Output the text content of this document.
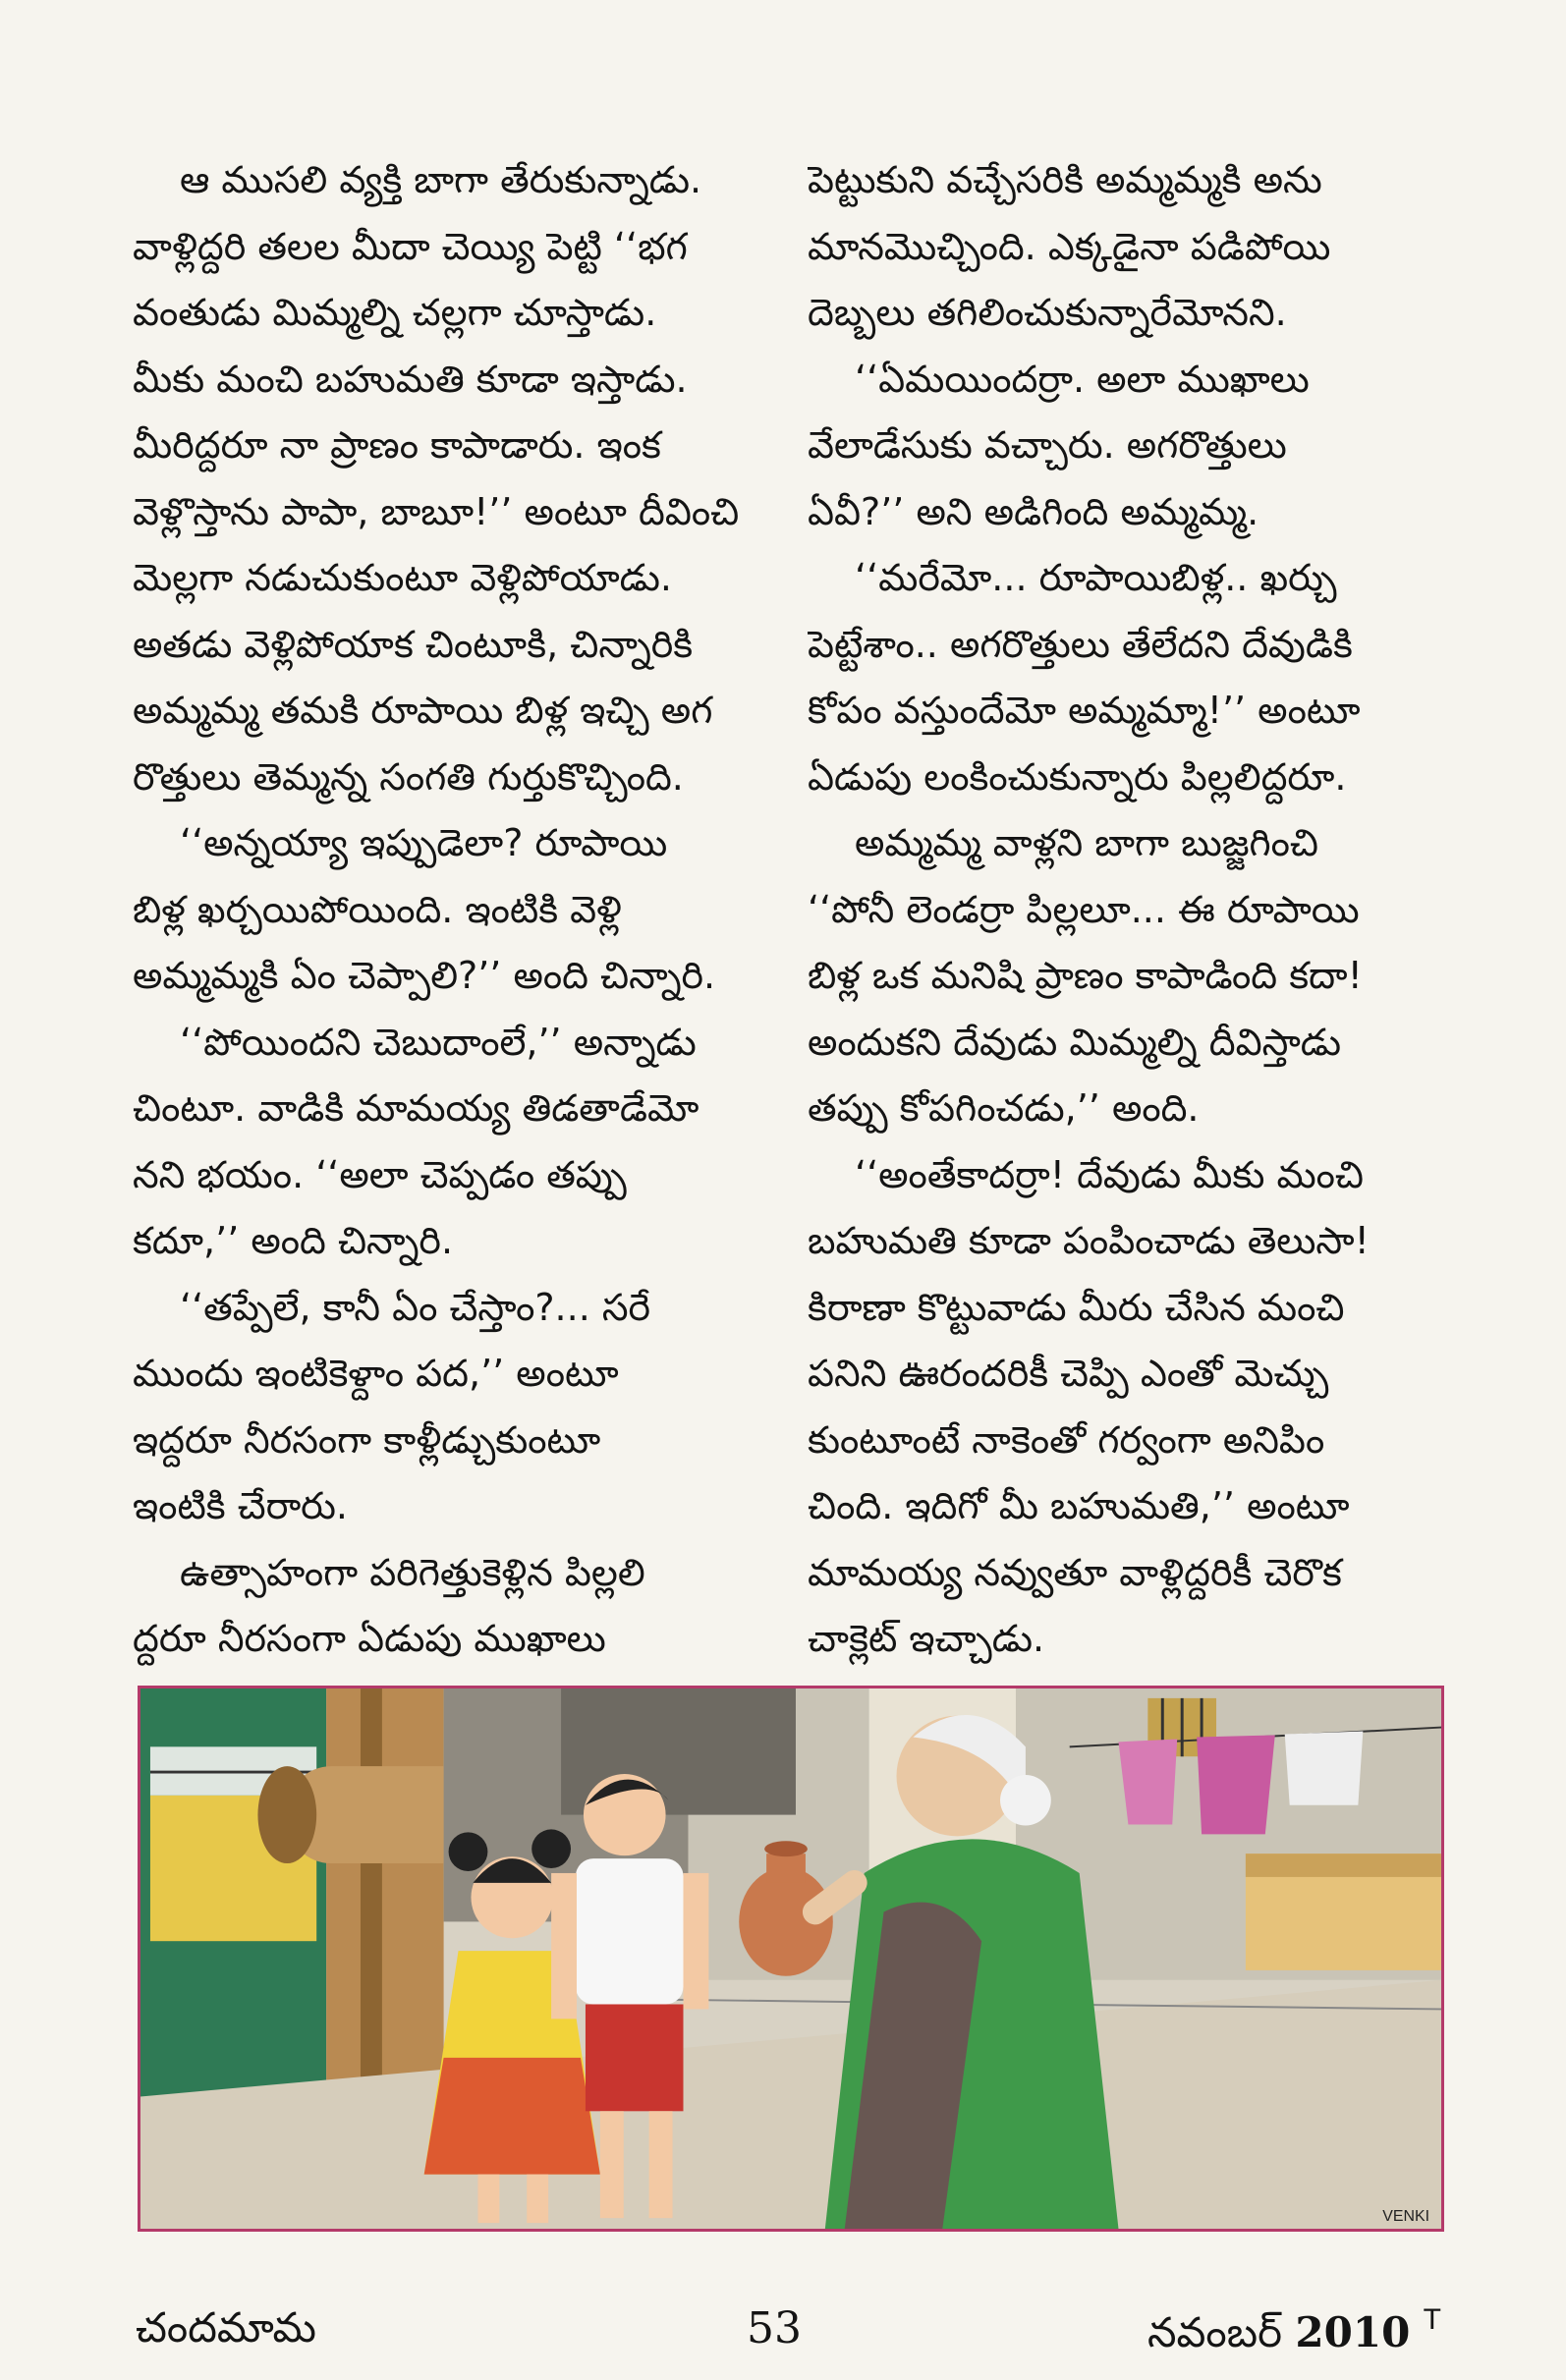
ఆ ముసలి వ్యక్తి బాగా తేరుకున్నాడు.
వాళ్లిద్దరి తలల మీదా చెయ్యి పెట్టి ‘‘భగ
వంతుడు మిమ్మల్ని చల్లగా చూస్తాడు.
మీకు మంచి బహుమతి కూడా ఇస్తాడు.
మీరిద్దరూ నా ప్రాణం కాపాడారు. ఇంక
వెళ్లొస్తాను పాపా, బాబూ!’’ అంటూ దీవించి
మెల్లగా నడుచుకుంటూ వెళ్లిపోయాడు.
అతడు వెళ్లిపోయాక చింటూకి, చిన్నారికి
అమ్మమ్మ తమకి రూపాయి బిళ్ల ఇచ్చి అగ
రొత్తులు తెమ్మన్న సంగతి గుర్తుకొచ్చింది.
‘‘అన్నయ్యా ఇప్పుడెలా? రూపాయి
బిళ్ల ఖర్చయిపోయింది. ఇంటికి వెళ్లి
అమ్మమ్మకి ఏం చెప్పాలి?’’ అంది చిన్నారి.
‘‘పోయిందని చెబుదాంలే,’’ అన్నాడు
చింటూ. వాడికి మామయ్య తిడతాడేమో
నని భయం. ‘‘అలా చెప్పడం తప్పు
కదూ,’’ అంది చిన్నారి.
‘‘తప్పేలే, కానీ ఏం చేస్తాం?... సరే
ముందు ఇంటికెళ్దాం పద,’’ అంటూ
ఇద్దరూ నీరసంగా కాళ్లీడ్చుకుంటూ
ఇంటికి చేరారు.
ఉత్సాహంగా పరిగెత్తుకెళ్లిన పిల్లలి
ద్దరూ నీరసంగా ఏడుపు ముఖాలు
పెట్టుకుని వచ్చేసరికి అమ్మమ్మకి అను
మానమొచ్చింది. ఎక్కడైనా పడిపోయి
దెబ్బలు తగిలించుకున్నారేమోనని.
‘‘ఏమయిందర్రా. అలా ముఖాలు
వేలాడేసుకు వచ్చారు. అగరొత్తులు
ఏవీ?’’ అని అడిగింది అమ్మమ్మ.
‘‘మరేమో... రూపాయిబిళ్ల.. ఖర్చు
పెట్టేశాం.. అగరొత్తులు తేలేదని దేవుడికి
కోపం వస్తుందేమో అమ్మమ్మా!’’ అంటూ
ఏడుపు లంకించుకున్నారు పిల్లలిద్దరూ.
అమ్మమ్మ వాళ్లని బాగా బుజ్జగించి
‘‘పోనీ లెండర్రా పిల్లలూ... ఈ రూపాయి
బిళ్ల ఒక మనిషి ప్రాణం కాపాడింది కదా!
అందుకని దేవుడు మిమ్మల్ని దీవిస్తాడు
తప్పు కోపగించడు,’’ అంది.
‘‘అంతేకాదర్రా! దేవుడు మీకు మంచి
బహుమతి కూడా పంపించాడు తెలుసా!
కిరాణా కొట్టువాడు మీరు చేసిన మంచి
పనిని ఊరందరికీ చెప్పి ఎంతో మెచ్చు
కుంటూంటే నాకెంతో గర్వంగా అనిపిం
చింది. ఇదిగో మీ బహుమతి,’’ అంటూ
మామయ్య నవ్వుతూ వాళ్లిద్దరికీ చెరొక
చాక్లెట్ ఇచ్చాడు.
VENKI
చందమామ	53	నవంబర్ 2010 $^T$
